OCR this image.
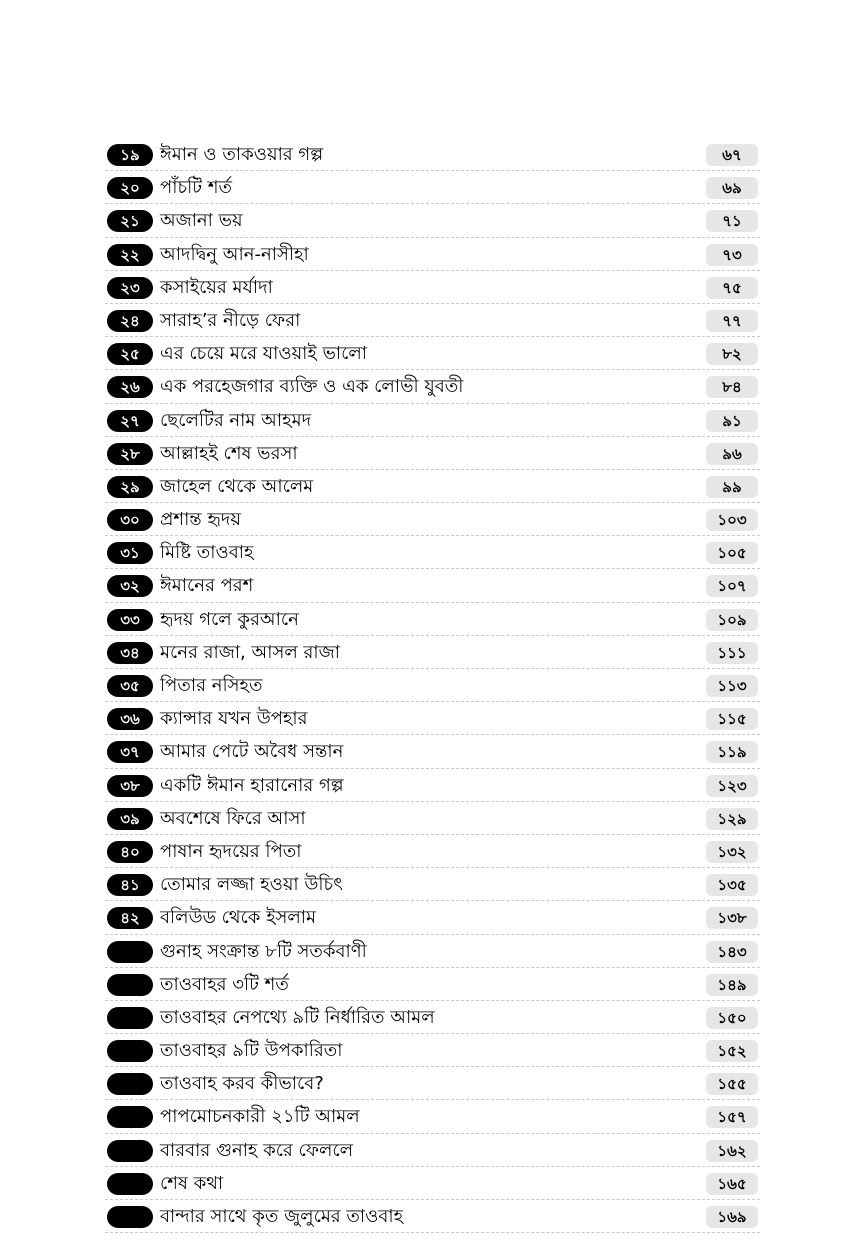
১৯	ঈমান ও তাকওয়ার গল্প	৬৭
২০	পাঁচটি শর্ত	৬৯
২১	অজানা ভয়	৭১
২২	আদদ্বিনু আন-নাসীহা	৭৩
২৩	কসাইয়ের মর্যাদা	৭৫
২৪	সারাহ’র নীড়ে ফেরা	৭৭
২৫	এর চেয়ে মরে যাওয়াই ভালো	৮২
২৬	এক পরহেজগার ব্যক্তি ও এক লোভী যুবতী	৮৪
২৭	ছেলেটির নাম আহমদ	৯১
২৮	আল্লাহই শেষ ভরসা	৯৬
২৯	জাহেল থেকে আলেম	৯৯
৩০	প্রশান্ত হৃদয়	১০৩
৩১	মিষ্টি তাওবাহ	১০৫
৩২	ঈমানের পরশ	১০৭
৩৩	হৃদয় গলে কুরআনে	১০৯
৩৪	মনের রাজা, আসল রাজা	১১১
৩৫	পিতার নসিহত	১১৩
৩৬	ক্যান্সার যখন উপহার	১১৫
৩৭	আমার পেটে অবৈধ সন্তান	১১৯
৩৮	একটি ঈমান হারানোর গল্প	১২৩
৩৯	অবশেষে ফিরে আসা	১২৯
৪০	পাষান হৃদয়ের পিতা	১৩২
৪১	তোমার লজ্জা হওয়া উচিৎ	১৩৫
৪২	বলিউড থেকে ইসলাম	১৩৮
গুনাহ সংক্রান্ত ৮টি সতর্কবাণী	১৪৩
তাওবাহর ৩টি শর্ত	১৪৯
তাওবাহর নেপথ্যে ৯টি নির্ধারিত আমল	১৫০
তাওবাহর ৯টি উপকারিতা	১৫২
তাওবাহ করব কীভাবে?	১৫৫
পাপমোচনকারী ২১টি আমল	১৫৭
বারবার গুনাহ করে ফেললে	১৬২
শেষ কথা	১৬৫
বান্দার সাথে কৃত জুলুমের তাওবাহ	১৬৯
